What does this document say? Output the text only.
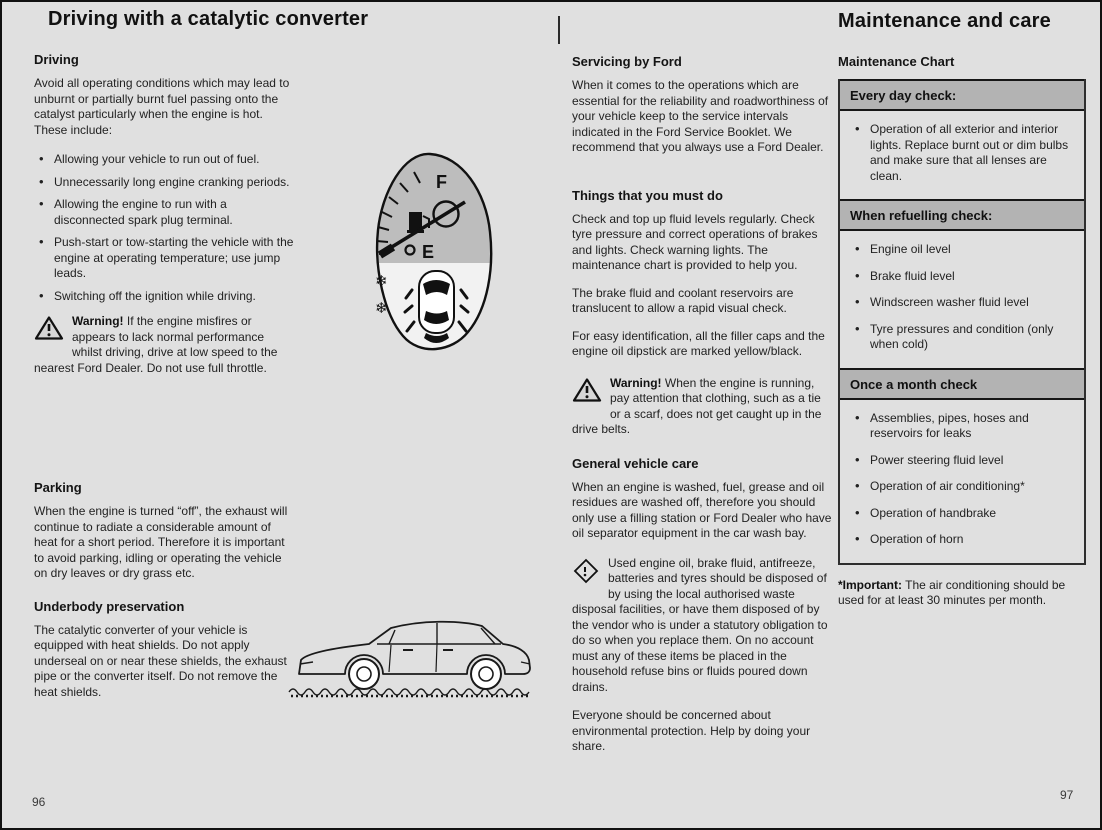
Driving with a catalytic converter
Driving

Avoid all operating conditions which may lead to unburnt or partially burnt fuel passing onto the catalyst particularly when the engine is hot. These include:

• Allowing your vehicle to run out of fuel.
• Unnecessarily long engine cranking periods.
• Allowing the engine to run with a disconnected spark plug terminal.
• Push-start or tow-starting the vehicle with the engine at operating temperature; use jump leads.
• Switching off the ignition while driving.
Warning! If the engine misfires or appears to lack normal performance whilst driving, drive at low speed to the nearest Ford Dealer. Do not use full throttle.
Parking

When the engine is turned “off”, the exhaust will continue to radiate a considerable amount of heat for a short period. Therefore it is important to avoid parking, idling or operating the vehicle on dry leaves or dry grass etc.

Underbody preservation

The catalytic converter of your vehicle is equipped with heat shields. Do not apply underseal on or near these shields, the exhaust pipe or the converter itself. Do not remove the heat shields.

F
E
❄
❄
96
Maintenance and care
Servicing by Ford

When it comes to the operations which are essential for the reliability and roadworthiness of your vehicle keep to the service intervals indicated in the Ford Service Booklet. We recommend that you always use a Ford Dealer.

Things that you must do

Check and top up fluid levels regularly. Check tyre pressure and correct operations of brakes and lights. Check warning lights. The maintenance chart is provided to help you.

The brake fluid and coolant reservoirs are translucent to allow a rapid visual check.

For easy identification, all the filler caps and the engine oil dipstick are marked yellow/black.

Warning! When the engine is running, pay attention that clothing, such as a tie or a scarf, does not get caught up in the drive belts.
General vehicle care

When an engine is washed, fuel, grease and oil residues are washed off, therefore you should only use a filling station or Ford Dealer who have oil separator equipment in the car wash bay.

Used engine oil, brake fluid, antifreeze, batteries and tyres should be disposed of by using the local authorised waste disposal facilities, or have them disposed of by the vendor who is under a statutory obligation to do so when you replace them. On no account must any of these items be placed in the household refuse bins or fluids poured down drains.

Everyone should be concerned about environmental protection. Help by doing your share.

Maintenance Chart
Every day check:
• Operation of all exterior and interior lights. Replace burnt out or dim bulbs and make sure that all lenses are clean.
When refuelling check:
• Engine oil level
• Brake fluid level
• Windscreen washer fluid level
• Tyre pressures and condition (only when cold)
Once a month check
• Assemblies, pipes, hoses and reservoirs for leaks
• Power steering fluid level
• Operation of air conditioning*
• Operation of handbrake
• Operation of horn

*Important: The air conditioning should be used for at least 30 minutes per month.

97
